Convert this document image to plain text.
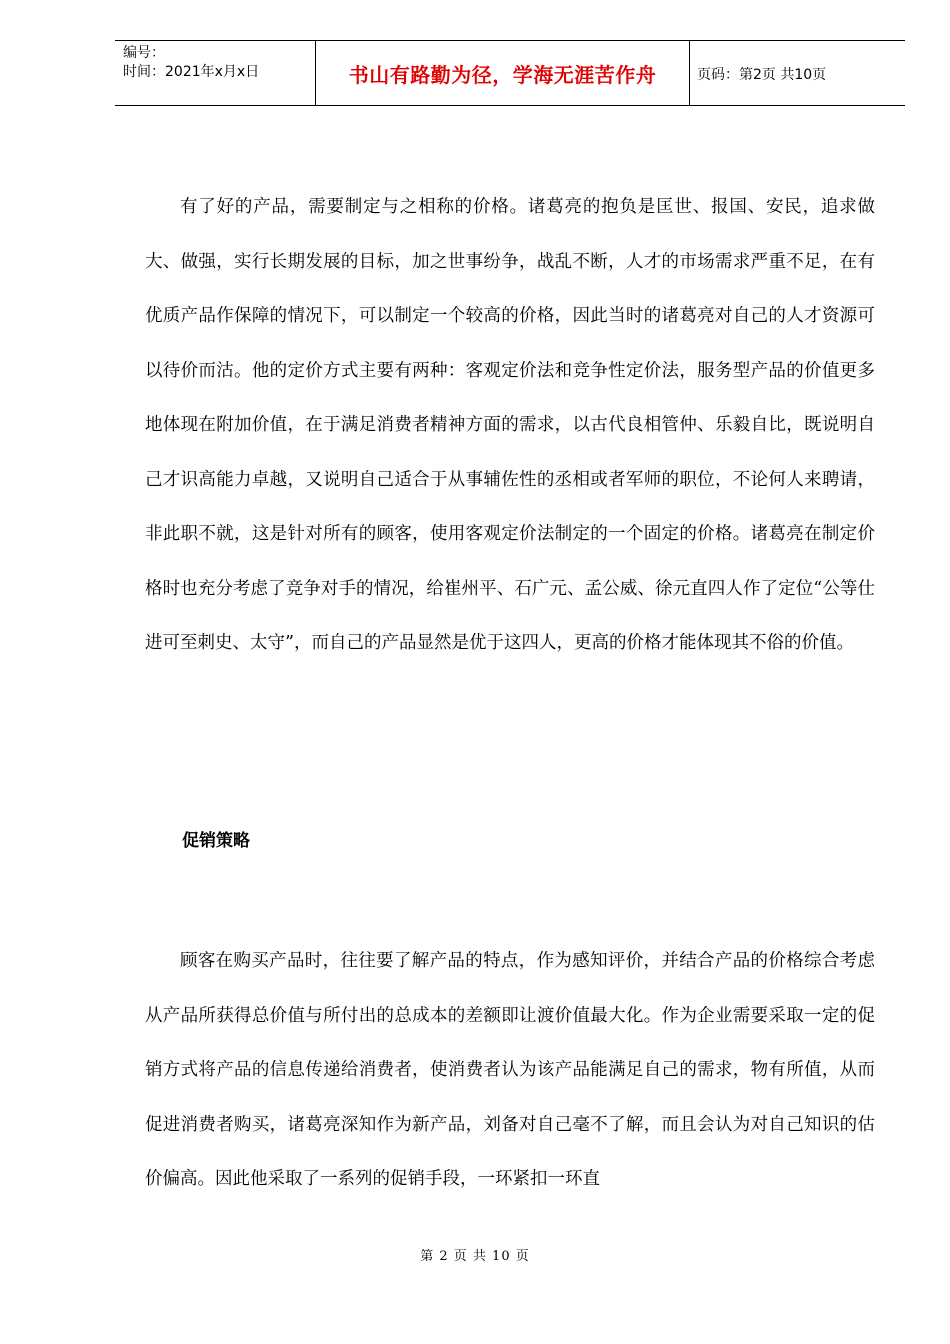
编号：
时间：2021年x月x日	书山有路勤为径，学海无涯苦作舟	页码：第2页 共10页

有了好的产品，需要制定与之相称的价格。诸葛亮的抱负是匡世、报国、安民，追求做大、做强，实行长期发展的目标，加之世事纷争，战乱不断，人才的市场需求严重不足，在有优质产品作保障的情况下，可以制定一个较高的价格，因此当时的诸葛亮对自己的人才资源可以待价而沽。他的定价方式主要有两种：客观定价法和竞争性定价法，服务型产品的价值更多地体现在附加价值，在于满足消费者精神方面的需求，以古代良相管仲、乐毅自比，既说明自己才识高能力卓越，又说明自己适合于从事辅佐性的丞相或者军师的职位，不论何人来聘请，非此职不就，这是针对所有的顾客，使用客观定价法制定的一个固定的价格。诸葛亮在制定价格时也充分考虑了竞争对手的情况，给崔州平、石广元、孟公威、徐元直四人作了定位“公等仕进可至刺史、太守”，而自己的产品显然是优于这四人，更高的价格才能体现其不俗的价值。

促销策略

顾客在购买产品时，往往要了解产品的特点，作为感知评价，并结合产品的价格综合考虑从产品所获得总价值与所付出的总成本的差额即让渡价值最大化。作为企业需要采取一定的促销方式将产品的信息传递给消费者，使消费者认为该产品能满足自己的需求，物有所值，从而促进消费者购买，诸葛亮深知作为新产品，刘备对自己毫不了解，而且会认为对自己知识的估价偏高。因此他采取了一系列的促销手段，一环紧扣一环直

第 2 页 共 10 页
